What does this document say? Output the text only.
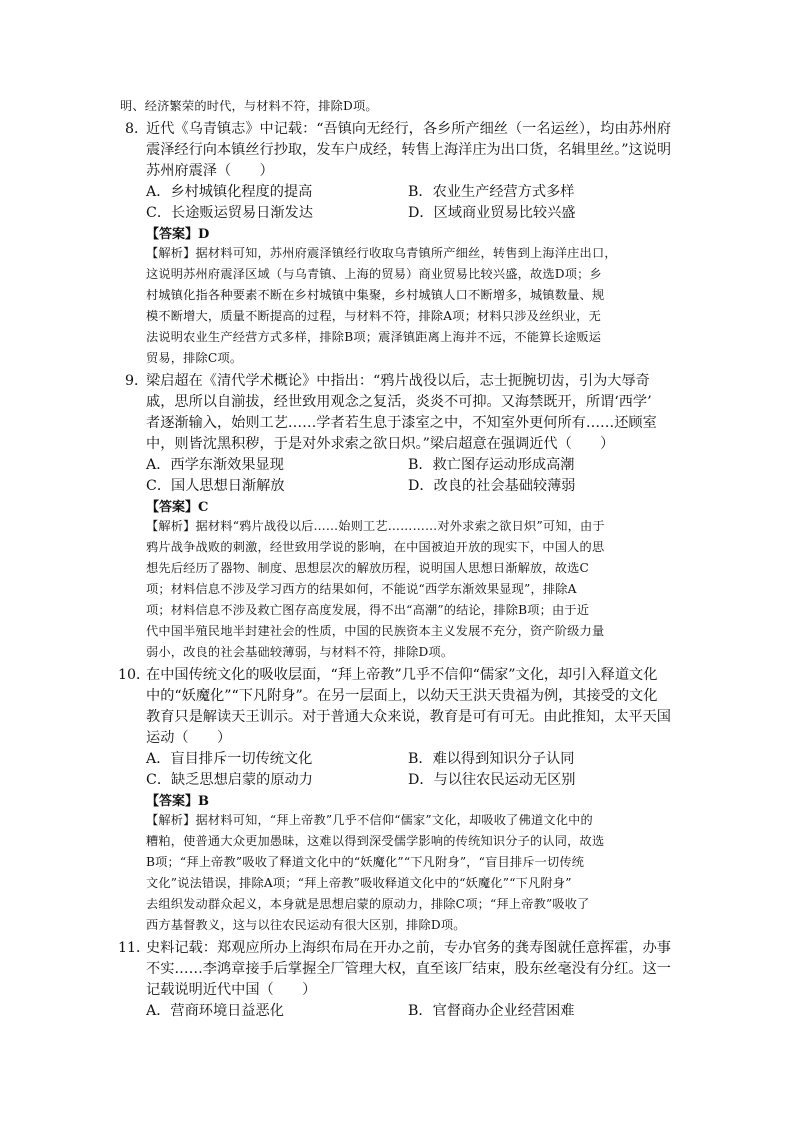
明、经济繁荣的时代，与材料不符，排除D项。
8．
近代《乌青镇志》中记载：“吾镇向无经行，各乡所产细丝（一名运丝），均由苏州府
震泽经行向本镇丝行抄取，发车户成经，转售上海洋庄为出口货，名辑里丝。”这说明
苏州府震泽（　　）
A．乡村城镇化程度的提高	B．农业生产经营方式多样
C．长途贩运贸易日渐发达	D．区域商业贸易比较兴盛
【答案】D
【解析】据材料可知，苏州府震泽镇经行收取乌青镇所产细丝，转售到上海洋庄出口，
这说明苏州府震泽区域（与乌青镇、上海的贸易）商业贸易比较兴盛，故选D项；乡
村城镇化指各种要素不断在乡村城镇中集聚，乡村城镇人口不断增多，城镇数量、规
模不断增大，质量不断提高的过程，与材料不符，排除A项；材料只涉及丝织业，无
法说明农业生产经营方式多样，排除B项；震泽镇距离上海并不远，不能算长途贩运
贸易，排除C项。
9．
梁启超在《清代学术概论》中指出：“鸦片战役以后，志士扼腕切齿，引为大辱奇
戚，思所以自湔拔，经世致用观念之复活，炎炎不可抑。又海禁既开，所谓‘西学’
者逐渐输入，始则工艺……学者若生息于漆室之中，不知室外更何所有……还顾室
中，则皆沈黑积秽，于是对外求索之欲日炽。”梁启超意在强调近代（　　）
A．西学东渐效果显现	B．救亡图存运动形成高潮
C．国人思想日渐解放	D．改良的社会基础较薄弱
【答案】C
【解析】据材料“鸦片战役以后……始则工艺…………对外求索之欲日炽”可知，由于
鸦片战争战败的刺激，经世致用学说的影响，在中国被迫开放的现实下，中国人的思
想先后经历了器物、制度、思想层次的解放历程，说明国人思想日渐解放，故选C
项；材料信息不涉及学习西方的结果如何，不能说“西学东渐效果显现”，排除A
项；材料信息不涉及救亡图存高度发展，得不出“高潮”的结论，排除B项；由于近
代中国半殖民地半封建社会的性质，中国的民族资本主义发展不充分，资产阶级力量
弱小，改良的社会基础较薄弱，与材料不符，排除D项。
10．
在中国传统文化的吸收层面，“拜上帝教”几乎不信仰“儒家”文化，却引入释道文化
中的“妖魔化”“下凡附身”。在另一层面上，以幼天王洪天贵福为例，其接受的文化
教育只是解读天王训示。对于普通大众来说，教育是可有可无。由此推知，太平天国
运动（　　）
A．盲目排斥一切传统文化	B．难以得到知识分子认同
C．缺乏思想启蒙的原动力	D．与以往农民运动无区别
【答案】B
【解析】据材料可知，“拜上帝教”几乎不信仰“儒家”文化，却吸收了佛道文化中的
糟粕，使普通大众更加愚昧，这难以得到深受儒学影响的传统知识分子的认同，故选
B项；“拜上帝教”吸收了释道文化中的“妖魔化”“下凡附身”，“盲目排斥一切传统
文化”说法错误，排除A项；“拜上帝教”吸收释道文化中的“妖魔化”“下凡附身”
去组织发动群众起义，本身就是思想启蒙的原动力，排除C项；“拜上帝教”吸收了
西方基督教义，这与以往农民运动有很大区别，排除D项。
11．
史料记载：郑观应所办上海织布局在开办之前，专办官务的龚寿图就任意挥霍，办事
不实……李鸿章接手后掌握全厂管理大权，直至该厂结束，股东丝毫没有分红。这一
记载说明近代中国（　　）
A．营商环境日益恶化	B．官督商办企业经营困难
